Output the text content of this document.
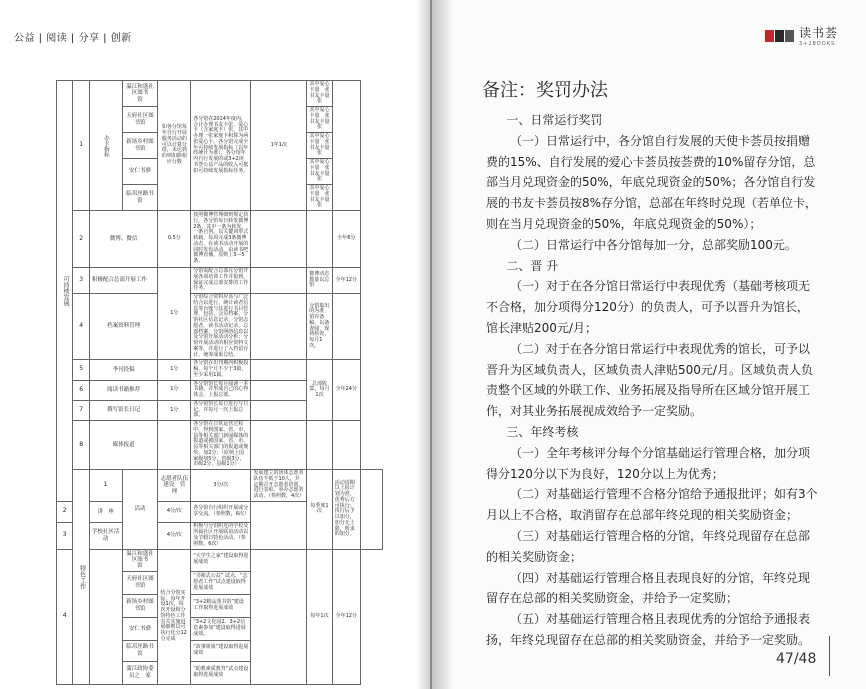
公益 | 阅读 | 分享 | 创新
可持续发展	1	办卡指标	温江和盛社区图书　　馆	如各分馆每年自行开展服务活动的可以计算分值，未达到的则扣除相应分数	各分馆在2014年度内，合计办理书友卡张、爱心卡（含家庭卡）张，其中办理一张家庭卡积算为两张爱心卡。各分馆完成全年可持续发展指标（以年终统计为准），各分馆年内自行发展的或3+2读书荟公益产品的收入可抵扣可持续发展指标任务。	1年1次	其中爱心卡量　张书友卡量　张		
			天府社区图书馆				其中爱心卡量　张书友卡量　张		
			新场乡村图书馆				其中爱心卡量　张书友卡量　张		
			安仁书驿				其中爱心卡量　张书友卡量　张		
			临邛丝路书馆				其中爱心卡量　张书友卡量　张		
	2	微博、微信		0.5分	按照微博管理细则规定执行，各分馆每日转发微博2条，其中一条为转发，一条自创。以关键词形式转载，每周完成3条微博动态，在读书活动开展的同时发布活动，由读书吧微博直播，原则上3—5条。			全年6分	
	3	积极配合总部开展工作		1分	分馆需配合总部在分馆开展各项培训工作并报到，保证完成总部安排的工作任务。		微博动态数量以总馆	全年12分	
	4	档案资料管理			分馆综合资料应该与广泛结合以进行，统计读者信息等台账与其进行书目管理，包括，会员档案，分馆社区信息记录，分馆志愿者，读书活动记录，总部档案，分馆网络信息以及分馆开展活动分析；分馆开展活动的相应资料文案等。并进行了入档留存计，统筹成果总结。		分馆取出的为准，留存备稿，以备查阅，现场检查，每月1次。		
	5	季刊投稿		1分	各分馆在出刊期内积极投稿，每个月不少于3篇，至少采用1篇。		总部收集，每月1次	全年24分	
	6	阅读书籍推荐		1分	各分馆馆长每月阅读一本书籍，并形成自己的心得体会，上报总部。				
	7	撰写馆长日记		1分	各分馆馆长每日进行写日记，并每月一次上报总部。				
	8	媒体报道			各分馆在日常运营过程中，得到图家、省、市、县等相关部门新闻媒体的报道或被国家、省、市、县等相关部门的报道或褒奖，加2分；（原则上国家级加5分，省级3分，市级2分，县级1分）				
	特色工作	1	活动	志愿者队伍建设　管　理	3分/次	发展建立的团体志愿者队伍不低于10人，并定期召开志愿者培训，进行表彰、举办志愿者活动，（参照数，4次）	每季度1次	活动周期以上报计划为准，优秀后方可执行；执行后予以加分，加分无上限，所求的加分。	
2		讲　座		4分/次	各分馆自行组织开展或分享交流。（参照数，6次）				
3		学校社区活动		4分/次	积极与分馆附近的学校及所属社区开展联谊活动以及节假日特色活动。（参照数，6次）				
4			温江和盛社区图书　　馆	结合分馆实际，每年开设1次，每次开设相分馆特色工作有关实施进展细则以可执行化分12分完成	“大学生之家”建设取得进展成效		每年1次	全年12分	
			天府社区图书馆		“书箱式公益” 试点、“志愿者工作”试点建设取得进展成效				
			新场乡村图书馆		“3+2精品图书馆”建设工作取得进展成效				
			安仁书驿		“3+2文化园2、3+2信息素参加”建设取得进展成效。				
			临邛丝路书馆		“故事姐姐”建设取得进展成效				
			蒲江政协委员之　家		“助教素质教育”试点建设取得进展成效				
读书荟
3+2BOOKS
备注：奖罚办法

一、日常运行奖罚

（一）日常运行中，各分馆自行发展的天使卡荟员按捐赠费的15%、自行发展的爱心卡荟员按荟费的10%留存分馆，总部当月兑现资金的50%，年底兑现资金的50%；各分馆自行发展的书友卡荟员按8%存分馆，总部在年终时兑现（若单位卡，则在当月兑现资金的50%，年底兑现资金的50%）；

（二）日常运行中各分馆每加一分，总部奖励100元。

二、晋 升

（一）对于在各分馆日常运行中表现优秀（基础考核项无不合格，加分项得分120分）的负责人，可予以晋升为馆长，馆长津贴200元/月；

（二）对于在各分馆日常运行中表现优秀的馆长，可予以晋升为区域负责人，区域负责人津贴500元/月。区域负责人负责整个区域的外联工作、业务拓展及指导所在区域分馆开展工作，对其业务拓展视成效给予一定奖励。

三、年终考核

（一）全年考核评分每个分馆基础运行管理合格，加分项得分120分以下为良好，120分以上为优秀；

（二）对基础运行管理不合格分馆给予通报批评；如有3个月以上不合格，取消留存在总部年终兑现的相关奖励资金；

（三）对基础运行管理合格的分馆，年终兑现留存在总部的相关奖励资金；

（四）对基础运行管理合格且表现良好的分馆，年终兑现留存在总部的相关奖励资金，并给予一定奖励；

（五）对基础运行管理合格且表现优秀的分馆给予通报表扬，年终兑现留存在总部的相关奖励资金，并给予一定奖励。

47/48
